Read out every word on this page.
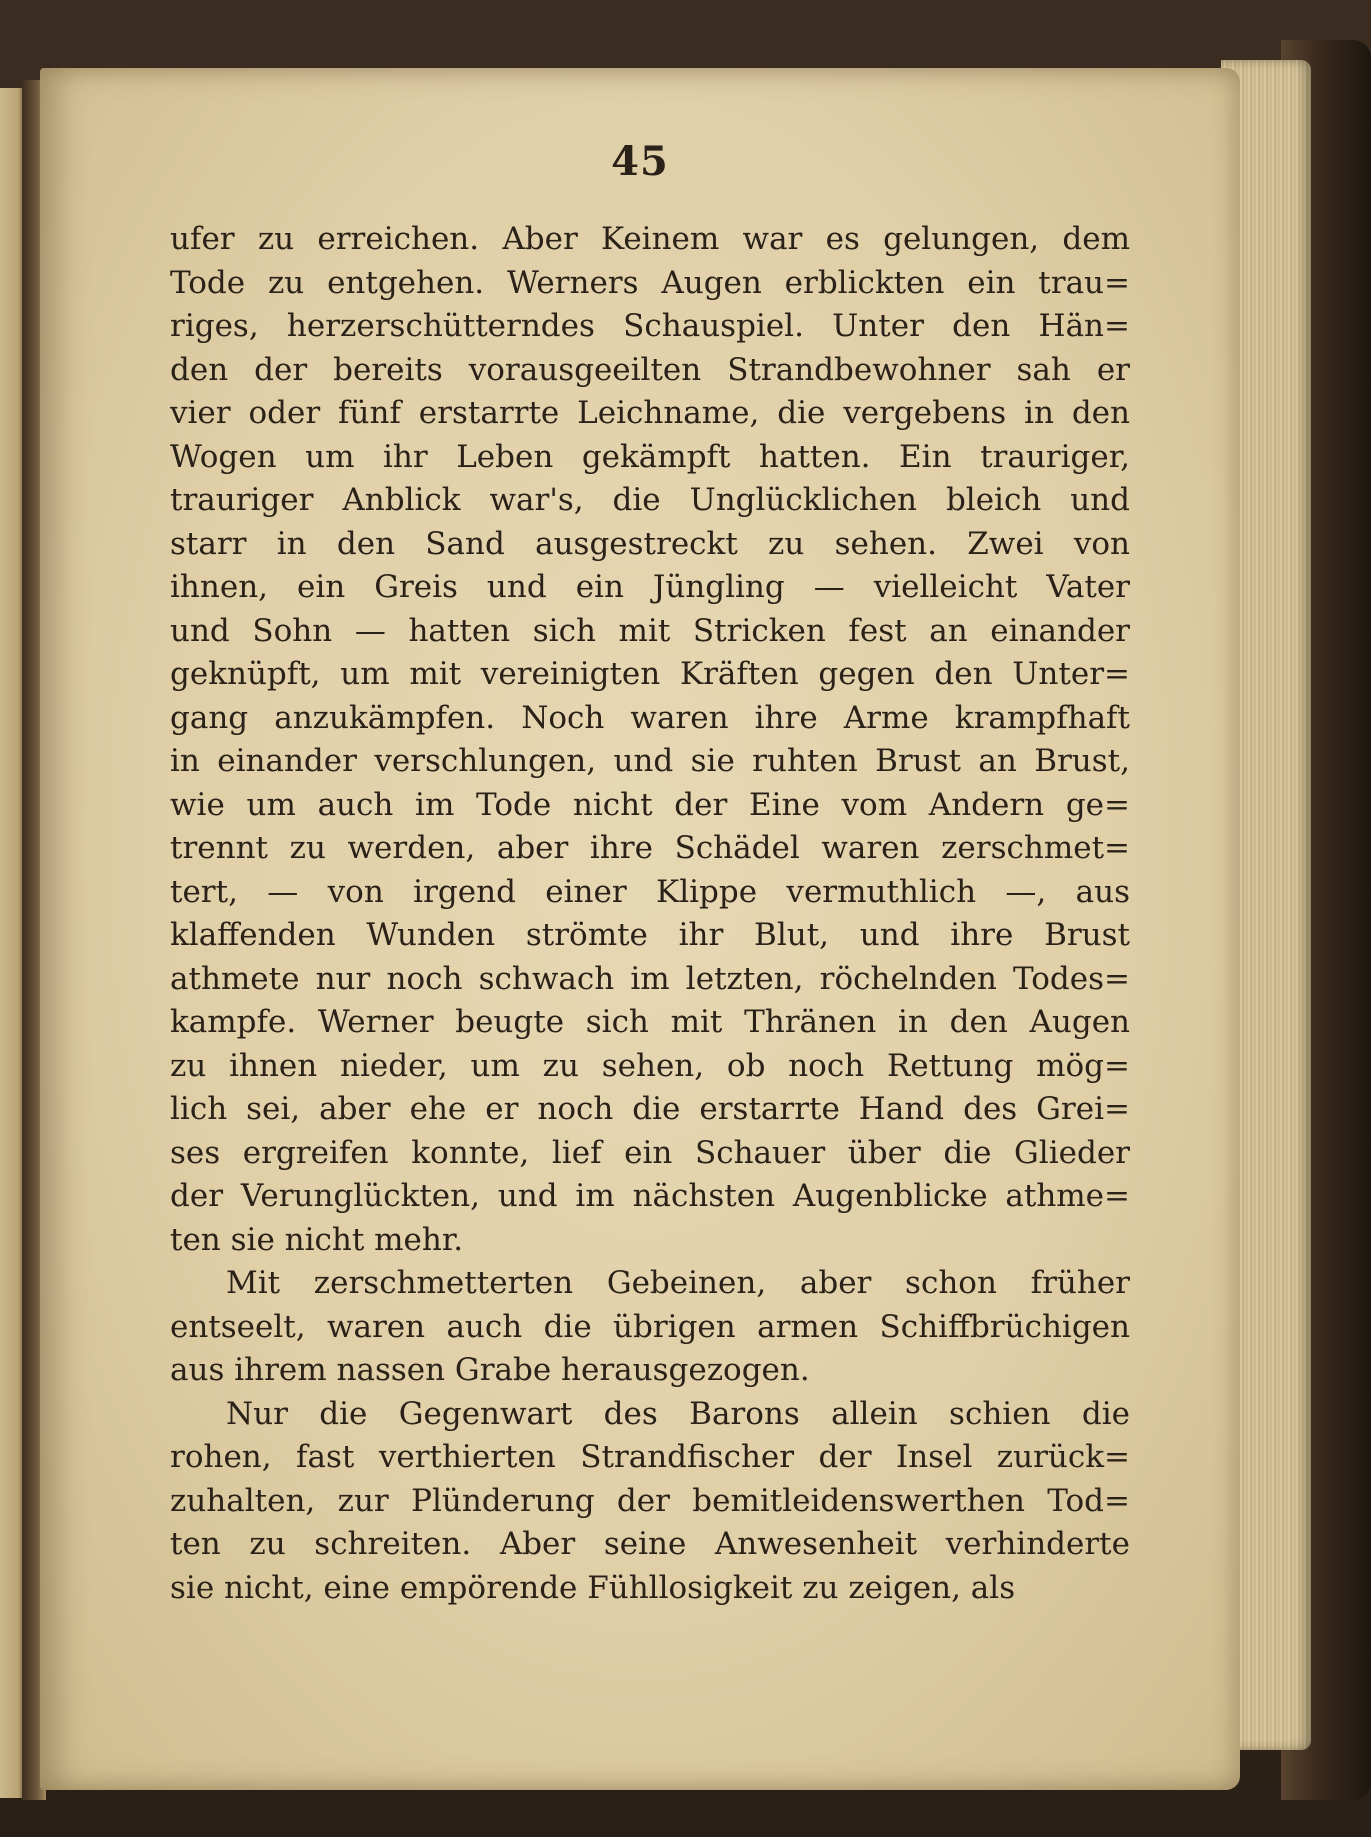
45
ufer zu erreichen. Aber Keinem war es gelungen, dem
Tode zu entgehen. Werners Augen erblickten ein trau=
riges, herzerschütterndes Schauspiel. Unter den Hän=
den der bereits vorausgeeilten Strandbewohner sah er
vier oder fünf erstarrte Leichname, die vergebens in den
Wogen um ihr Leben gekämpft hatten. Ein trauriger,
trauriger Anblick war's, die Unglücklichen bleich und
starr in den Sand ausgestreckt zu sehen. Zwei von
ihnen, ein Greis und ein Jüngling — vielleicht Vater
und Sohn — hatten sich mit Stricken fest an einander
geknüpft, um mit vereinigten Kräften gegen den Unter=
gang anzukämpfen. Noch waren ihre Arme krampfhaft
in einander verschlungen, und sie ruhten Brust an Brust,
wie um auch im Tode nicht der Eine vom Andern ge=
trennt zu werden, aber ihre Schädel waren zerschmet=
tert, — von irgend einer Klippe vermuthlich —, aus
klaffenden Wunden strömte ihr Blut, und ihre Brust
athmete nur noch schwach im letzten, röchelnden Todes=
kampfe. Werner beugte sich mit Thränen in den Augen
zu ihnen nieder, um zu sehen, ob noch Rettung mög=
lich sei, aber ehe er noch die erstarrte Hand des Grei=
ses ergreifen konnte, lief ein Schauer über die Glieder
der Verunglückten, und im nächsten Augenblicke athme=
ten sie nicht mehr.
Mit zerschmetterten Gebeinen, aber schon früher
entseelt, waren auch die übrigen armen Schiffbrüchigen
aus ihrem nassen Grabe herausgezogen.
Nur die Gegenwart des Barons allein schien die
rohen, fast verthierten Strandfischer der Insel zurück=
zuhalten, zur Plünderung der bemitleidenswerthen Tod=
ten zu schreiten. Aber seine Anwesenheit verhinderte
sie nicht, eine empörende Fühllosigkeit zu zeigen, als
